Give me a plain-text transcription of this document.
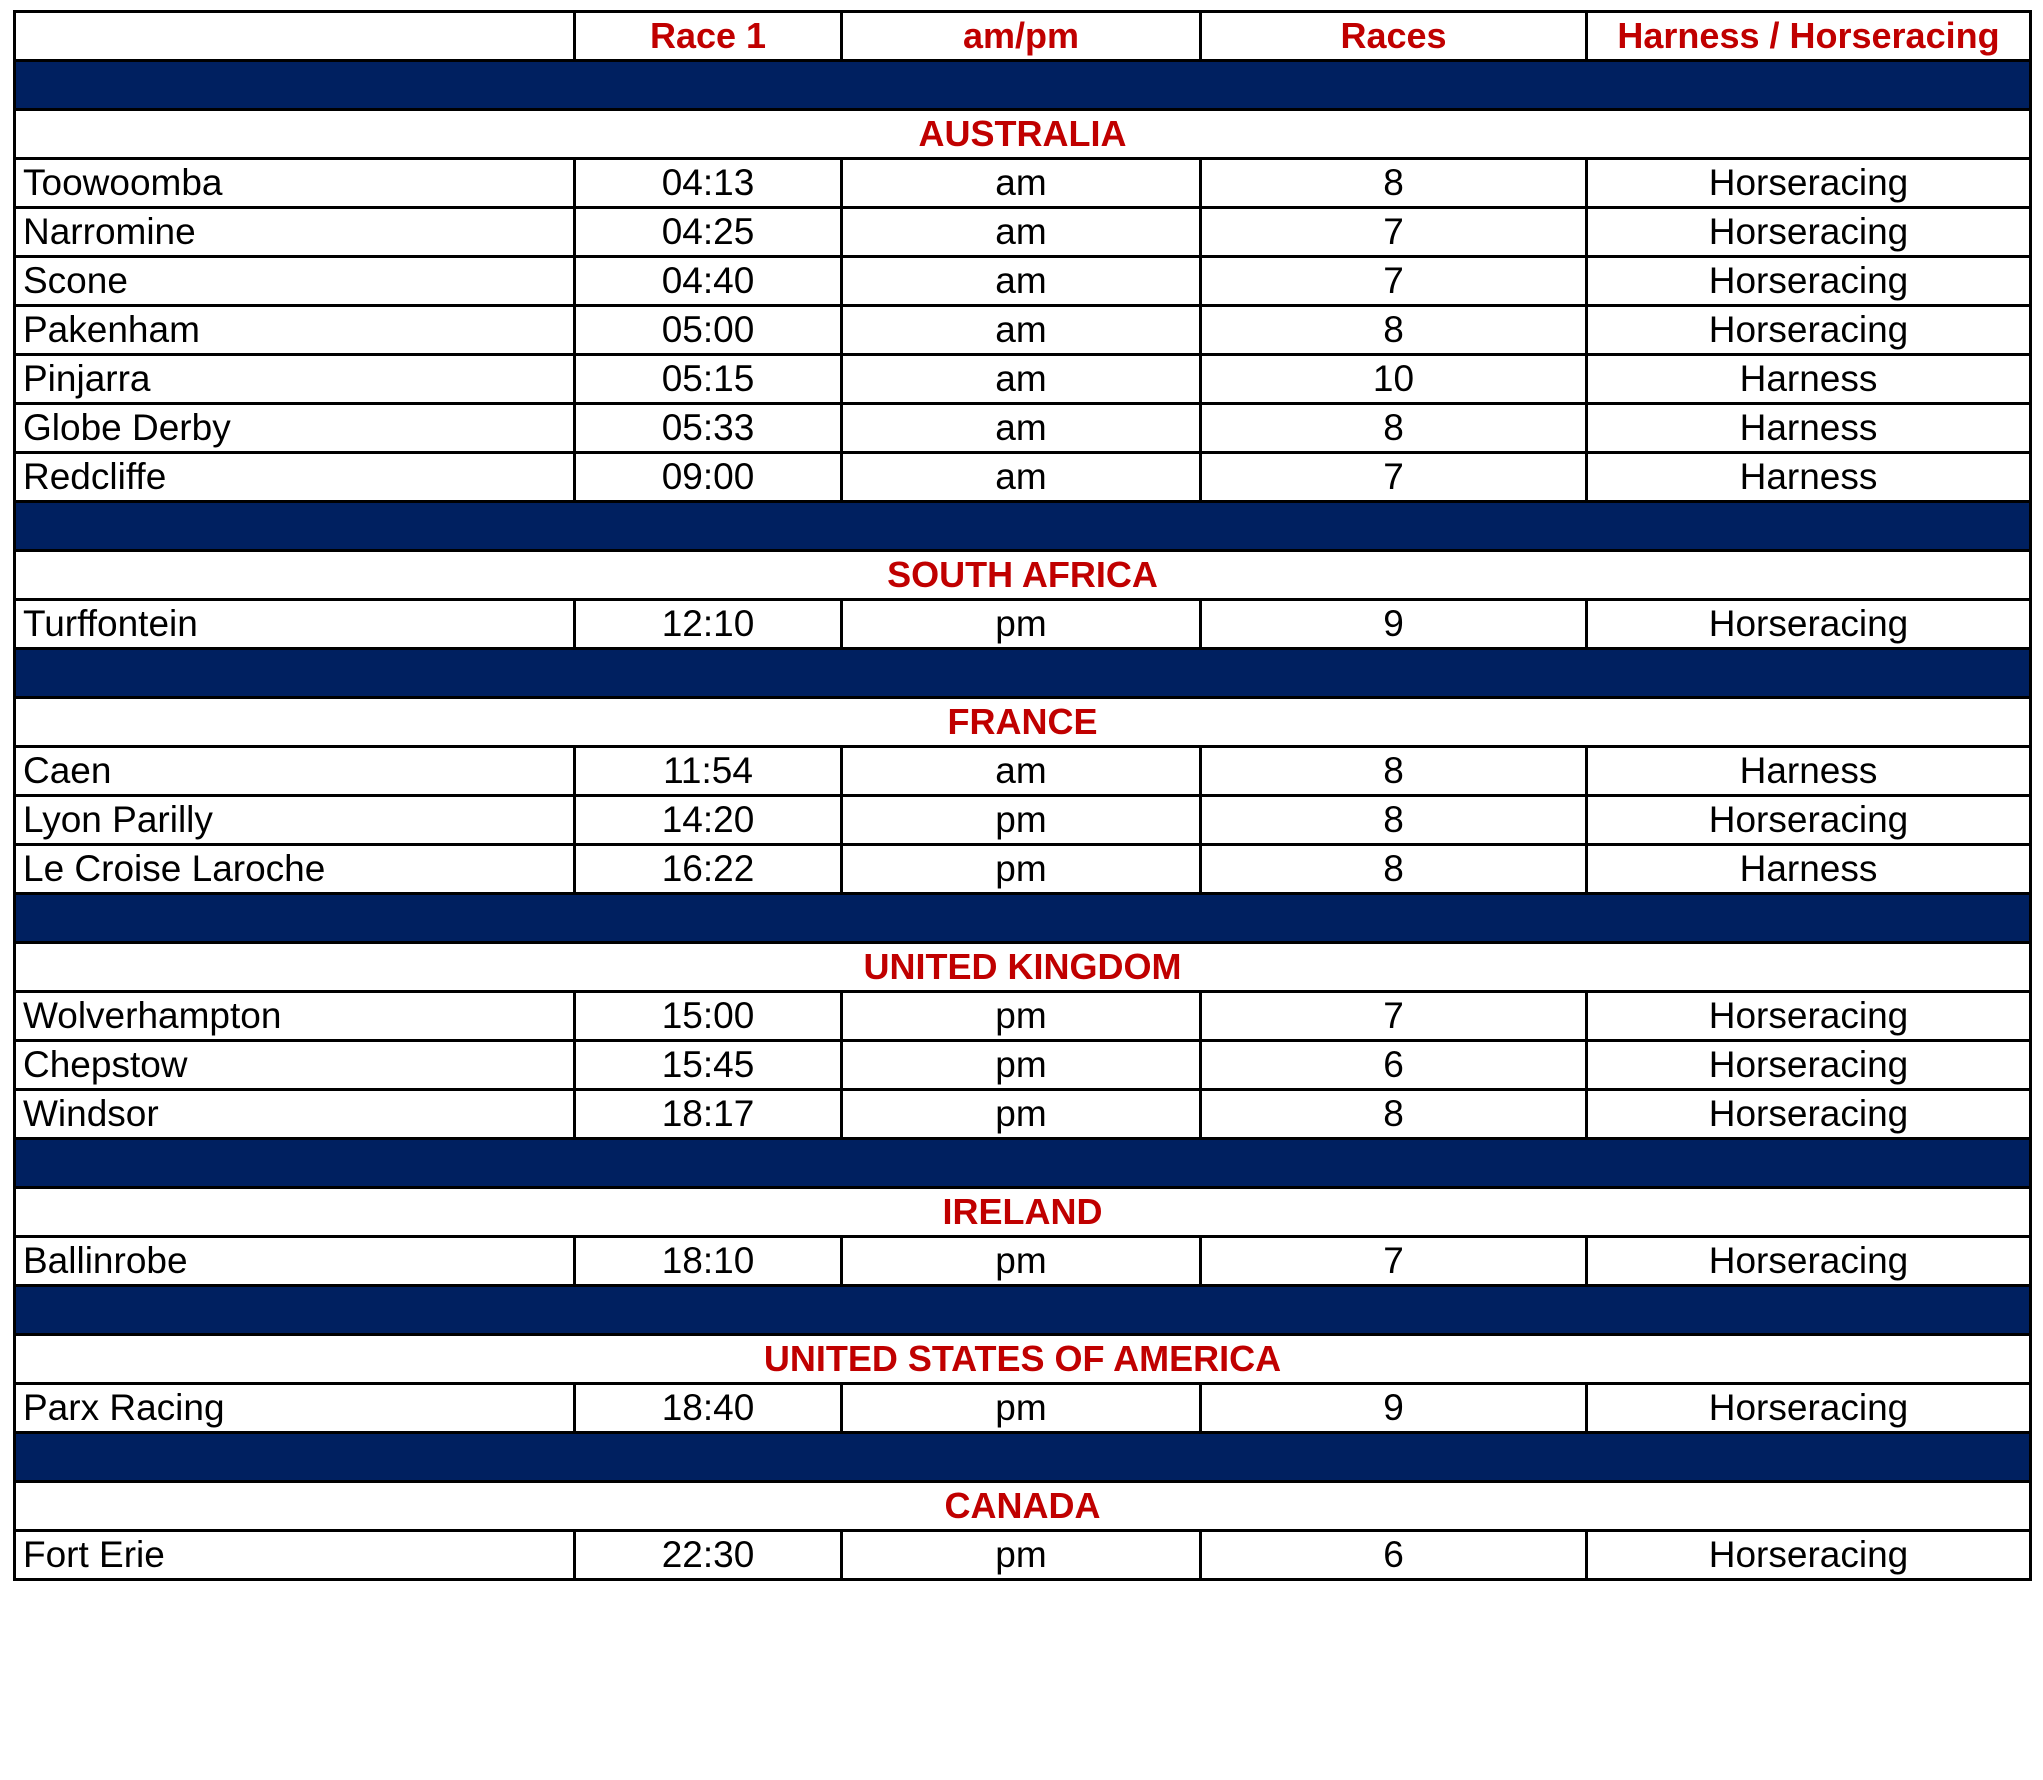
	Race 1	am/pm	Races	Harness / Horseracing

AUSTRALIA				
Toowoomba	04:13	am	8	Horseracing
Narromine	04:25	am	7	Horseracing
Scone	04:40	am	7	Horseracing
Pakenham	05:00	am	8	Horseracing
Pinjarra	05:15	am	10	Harness
Globe Derby	05:33	am	8	Harness
Redcliffe	09:00	am	7	Harness

SOUTH AFRICA				
Turffontein	12:10	pm	9	Horseracing

FRANCE				
Caen	11:54	am	8	Harness
Lyon Parilly	14:20	pm	8	Horseracing
Le Croise Laroche	16:22	pm	8	Harness

UNITED KINGDOM				
Wolverhampton	15:00	pm	7	Horseracing
Chepstow	15:45	pm	6	Horseracing
Windsor	18:17	pm	8	Horseracing

IRELAND				
Ballinrobe	18:10	pm	7	Horseracing

UNITED STATES OF AMERICA				
Parx Racing	18:40	pm	9	Horseracing

CANADA				
Fort Erie	22:30	pm	6	Horseracing
